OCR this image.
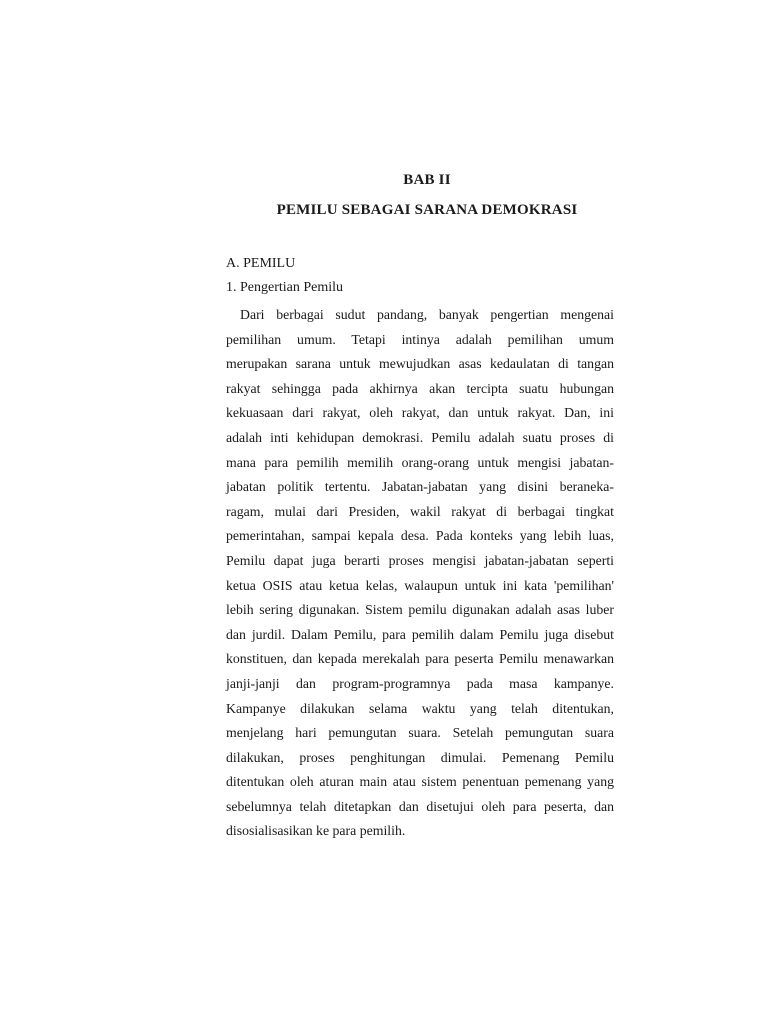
BAB II
PEMILU SEBAGAI SARANA DEMOKRASI
A. PEMILU
1. Pengertian Pemilu
Dari berbagai sudut pandang, banyak pengertian mengenai
pemilihan umum. Tetapi intinya adalah pemilihan umum
merupakan sarana untuk mewujudkan asas kedaulatan di tangan
rakyat sehingga pada akhirnya akan tercipta suatu hubungan
kekuasaan dari rakyat, oleh rakyat, dan untuk rakyat. Dan, ini
adalah inti kehidupan demokrasi. Pemilu adalah suatu proses di
mana para pemilih memilih orang-orang untuk mengisi jabatan-
jabatan politik tertentu. Jabatan-jabatan yang disini beraneka-
ragam, mulai dari Presiden, wakil rakyat di berbagai tingkat
pemerintahan, sampai kepala desa. Pada konteks yang lebih luas,
Pemilu dapat juga berarti proses mengisi jabatan-jabatan seperti
ketua OSIS atau ketua kelas, walaupun untuk ini kata 'pemilihan'
lebih sering digunakan. Sistem pemilu digunakan adalah asas luber
dan jurdil. Dalam Pemilu, para pemilih dalam Pemilu juga disebut
konstituen, dan kepada merekalah para peserta Pemilu menawarkan
janji-janji dan program-programnya pada masa kampanye.
Kampanye dilakukan selama waktu yang telah ditentukan,
menjelang hari pemungutan suara. Setelah pemungutan suara
dilakukan, proses penghitungan dimulai. Pemenang Pemilu
ditentukan oleh aturan main atau sistem penentuan pemenang yang
sebelumnya telah ditetapkan dan disetujui oleh para peserta, dan
disosialisasikan ke para pemilih.
